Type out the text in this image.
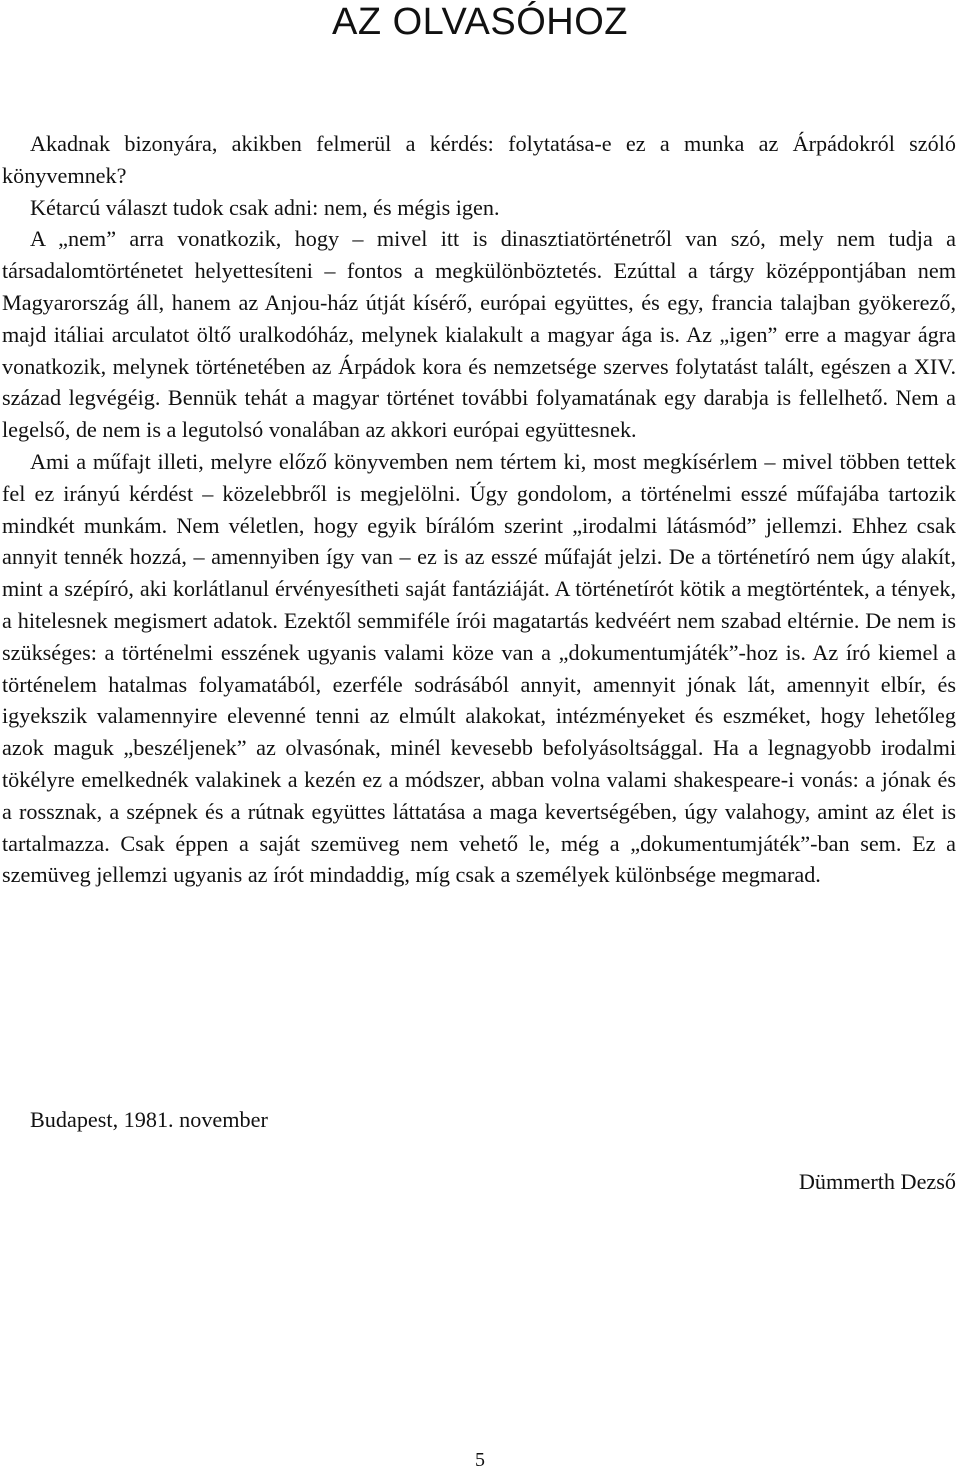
AZ OLVASÓHOZ

Akadnak bizonyára, akikben felmerül a kérdés: folytatása-e ez a munka az Árpádokról szóló könyvemnek?

Kétarcú választ tudok csak adni: nem, és mégis igen.

A „nem” arra vonatkozik, hogy – mivel itt is dinasztiatörténetről van szó, mely nem tudja a társadalomtörténetet helyettesíteni – fontos a megkülönböztetés. Ezúttal a tárgy középpontjában nem Magyarország áll, hanem az Anjou-ház útját kísérő, európai együttes, és egy, francia talajban gyökerező, majd itáliai arculatot öltő uralkodóház, melynek kialakult a magyar ága is. Az „igen” erre a magyar ágra vonatkozik, melynek történetében az Árpádok kora és nemzetsége szerves folytatást talált, egészen a XIV. század legvégéig. Bennük tehát a magyar történet további folyamatának egy darabja is fellelhető. Nem a legelső, de nem is a legutolsó vonalában az akkori európai együttesnek.

Ami a műfajt illeti, melyre előző könyvemben nem tértem ki, most megkísérlem – mivel többen tettek fel ez irányú kérdést – közelebbről is megjelölni. Úgy gondolom, a történelmi esszé műfajába tartozik mindkét munkám. Nem véletlen, hogy egyik bírálóm szerint „irodalmi látásmód” jellemzi. Ehhez csak annyit tennék hozzá, – amennyiben így van – ez is az esszé műfaját jelzi. De a történetíró nem úgy alakít, mint a szépíró, aki korlátlanul érvényesítheti saját fantáziáját. A történetírót kötik a megtörténtek, a tények, a hitelesnek megismert adatok. Ezektől semmiféle írói magatartás kedvéért nem szabad eltérnie. De nem is szükséges: a történelmi esszének ugyanis valami köze van a „dokumentumjáték”-hoz is. Az író kiemel a történelem hatalmas folyamatából, ezerféle sodrásából annyit, amennyit jónak lát, amennyit elbír, és igyekszik valamennyire elevenné tenni az elmúlt alakokat, intézményeket és eszméket, hogy lehetőleg azok maguk „beszéljenek” az olvasónak, minél kevesebb befolyásoltsággal. Ha a legnagyobb irodalmi tökélyre emelkednék valakinek a kezén ez a módszer, abban volna valami shakespeare-i vonás: a jónak és a rossznak, a szépnek és a rútnak együttes láttatása a maga kevertségében, úgy valahogy, amint az élet is tartalmazza. Csak éppen a saját szemüveg nem vehető le, még a „dokumentumjáték”-ban sem. Ez a szemüveg jellemzi ugyanis az írót mindaddig, míg csak a személyek különbsége megmarad.

Budapest, 1981. november
Dümmerth Dezső
5
